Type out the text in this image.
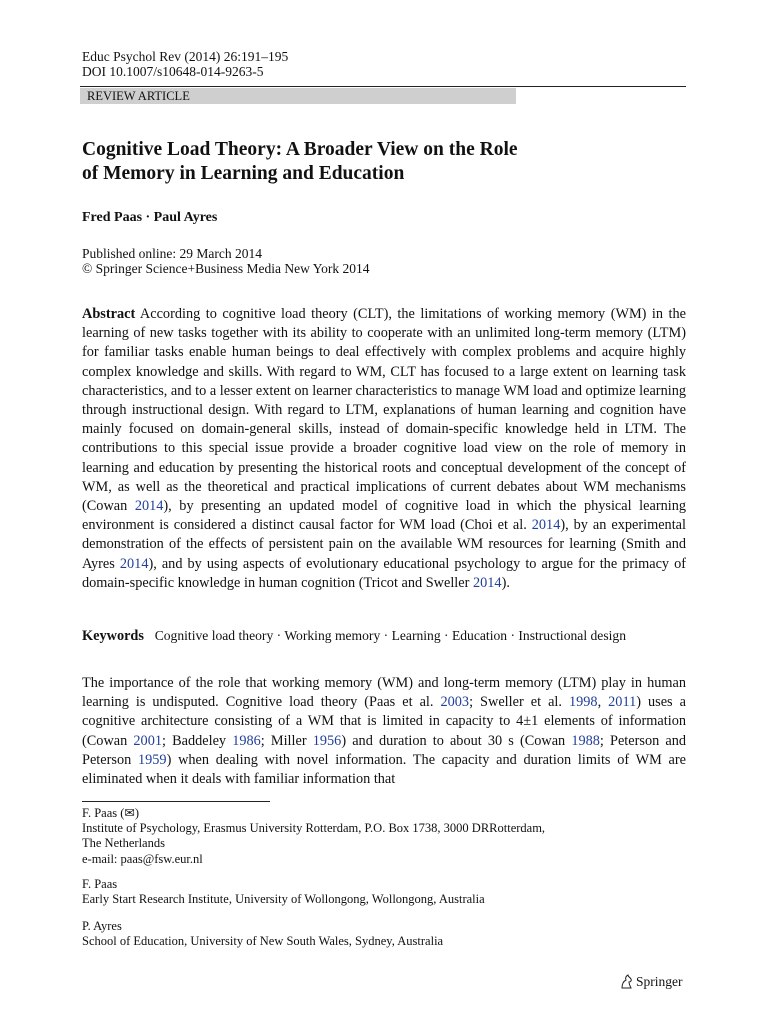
Educ Psychol Rev (2014) 26:191–195
DOI 10.1007/s10648-014-9263-5
REVIEW ARTICLE
Cognitive Load Theory: A Broader View on the Role
of Memory in Learning and Education
Fred Paas · Paul Ayres
Published online: 29 March 2014
© Springer Science+Business Media New York 2014

Abstract According to cognitive load theory (CLT), the limitations of working memory (WM) in the learning of new tasks together with its ability to cooperate with an unlimited long-term memory (LTM) for familiar tasks enable human beings to deal effectively with complex problems and acquire highly complex knowledge and skills. With regard to WM, CLT has focused to a large extent on learning task characteristics, and to a lesser extent on learner characteristics to manage WM load and optimize learning through instructional design. With regard to LTM, explanations of human learning and cognition have mainly focused on domain-general skills, instead of domain-specific knowledge held in LTM. The contributions to this special issue provide a broader cognitive load view on the role of memory in learning and education by presenting the historical roots and conceptual development of the concept of WM, as well as the theoretical and practical implications of current debates about WM mechanisms (Cowan 2014), by presenting an updated model of cognitive load in which the physical learning environment is considered a distinct causal factor for WM load (Choi et al. 2014), by an experimental demonstration of the effects of persistent pain on the available WM resources for learning (Smith and Ayres 2014), and by using aspects of evolutionary educational psychology to argue for the primacy of domain-specific knowledge in human cognition (Tricot and Sweller 2014).

Keywords Cognitive load theory · Working memory · Learning · Education · Instructional design

The importance of the role that working memory (WM) and long-term memory (LTM) play in human learning is undisputed. Cognitive load theory (Paas et al. 2003; Sweller et al. 1998, 2011) uses a cognitive architecture consisting of a WM that is limited in capacity to 4±1 elements of information (Cowan 2001; Baddeley 1986; Miller 1956) and duration to about 30 s (Cowan 1988; Peterson and Peterson 1959) when dealing with novel information. The capacity and duration limits of WM are eliminated when it deals with familiar information that

F. Paas (✉)
Institute of Psychology, Erasmus University Rotterdam, P.O. Box 1738, 3000 DRRotterdam,
The Netherlands
e-mail: paas@fsw.eur.nl
F. Paas
Early Start Research Institute, University of Wollongong, Wollongong, Australia
P. Ayres
School of Education, University of New South Wales, Sydney, Australia
Springer
